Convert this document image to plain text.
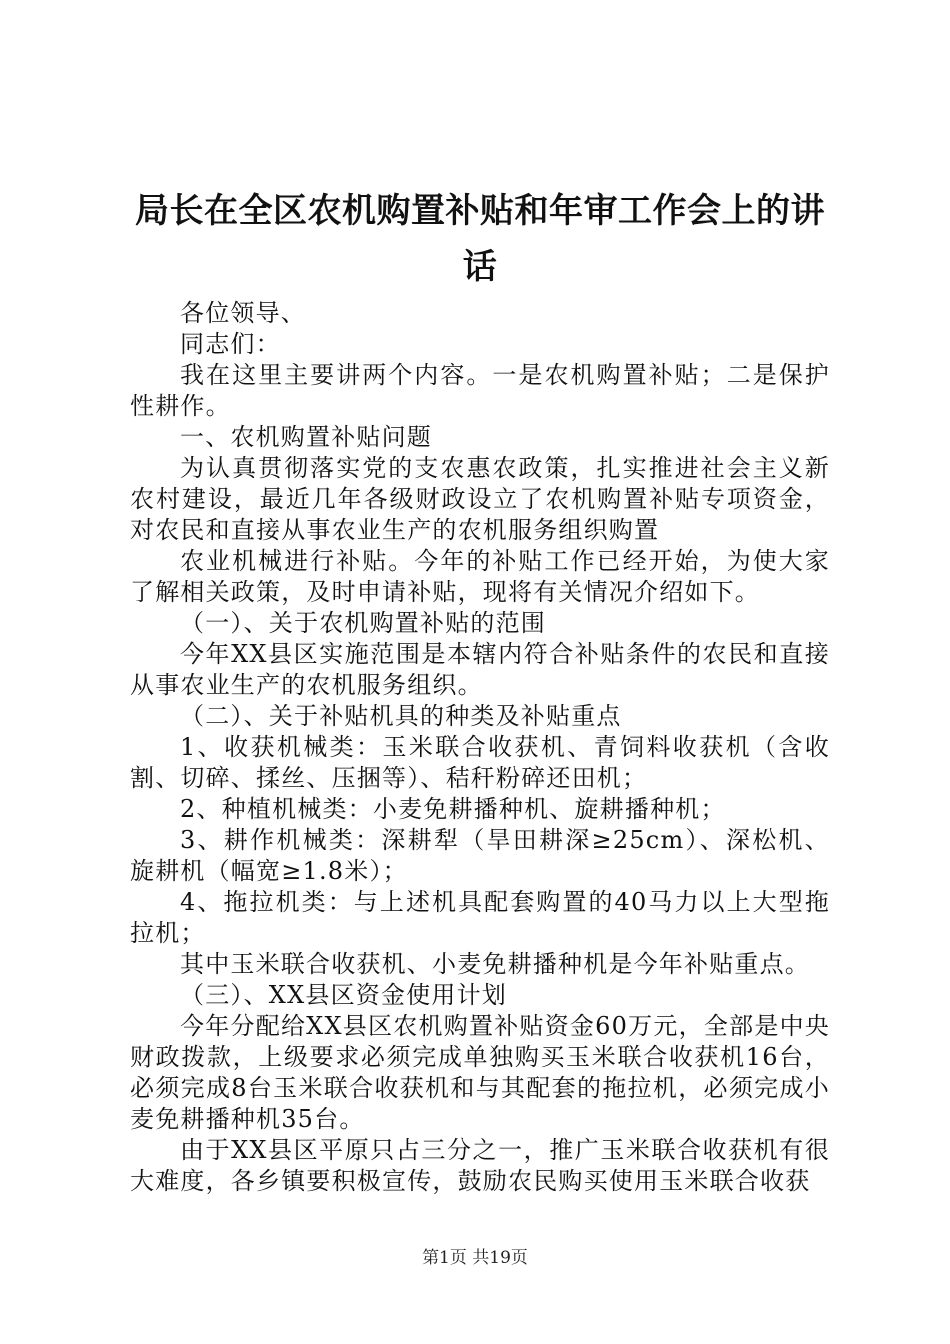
局长在全区农机购置补贴和年审工作会上的讲话

各位领导、

同志们：

我在这里主要讲两个内容。一是农机购置补贴；二是保护性耕作。

一、农机购置补贴问题

为认真贯彻落实党的支农惠农政策，扎实推进社会主义新农村建设，最近几年各级财政设立了农机购置补贴专项资金，对农民和直接从事农业生产的农机服务组织购置

农业机械进行补贴。今年的补贴工作已经开始，为使大家了解相关政策，及时申请补贴，现将有关情况介绍如下。

（一）、关于农机购置补贴的范围

今年XX县区实施范围是本辖内符合补贴条件的农民和直接从事农业生产的农机服务组织。

（二）、关于补贴机具的种类及补贴重点

1、收获机械类：玉米联合收获机、青饲料收获机（含收割、切碎、揉丝、压捆等）、秸秆粉碎还田机；

2、种植机械类：小麦免耕播种机、旋耕播种机；

3、耕作机械类：深耕犁（旱田耕深≥25cm）、深松机、旋耕机（幅宽≥1.8米）；

4、拖拉机类：与上述机具配套购置的40马力以上大型拖拉机；

其中玉米联合收获机、小麦免耕播种机是今年补贴重点。

（三）、XX县区资金使用计划

今年分配给XX县区农机购置补贴资金60万元，全部是中央财政拨款，上级要求必须完成单独购买玉米联合收获机16台，必须完成8台玉米联合收获机和与其配套的拖拉机，必须完成小麦免耕播种机35台。

由于XX县区平原只占三分之一，推广玉米联合收获机有很大难度，各乡镇要积极宣传，鼓励农民购买使用玉米联合收获

第1页 共19页
